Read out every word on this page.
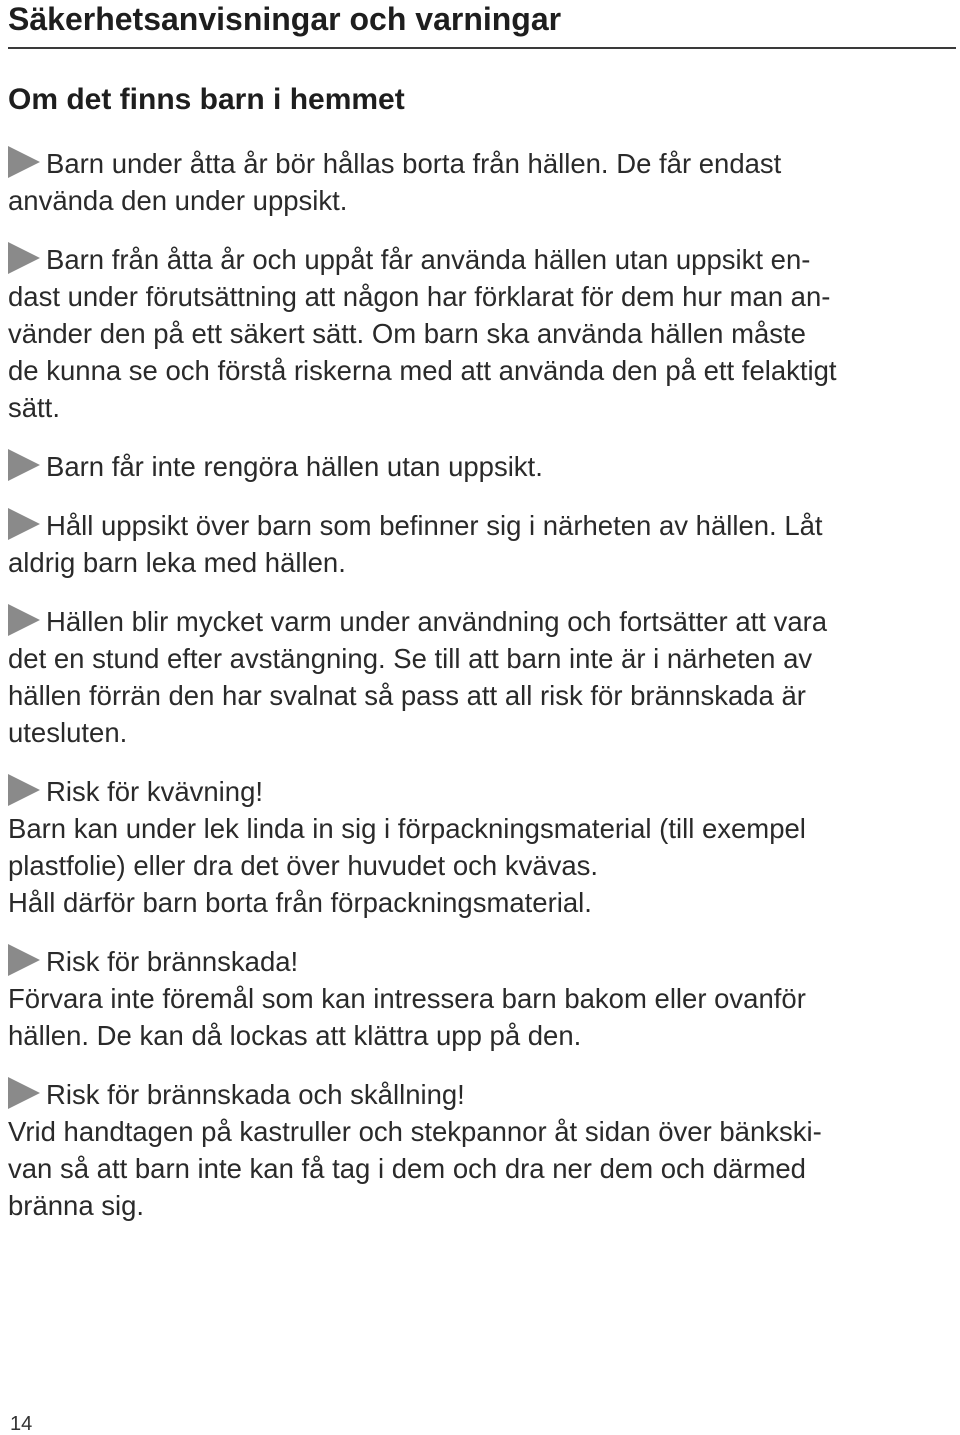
Säkerhetsanvisningar och varningar
Om det finns barn i hemmet
Barn under åtta år bör hållas borta från hällen. De får endast
använda den under uppsikt.
Barn från åtta år och uppåt får använda hällen utan uppsikt en-
dast under förutsättning att någon har förklarat för dem hur man an-
vänder den på ett säkert sätt. Om barn ska använda hällen måste
de kunna se och förstå riskerna med att använda den på ett felaktigt
sätt.
Barn får inte rengöra hällen utan uppsikt.
Håll uppsikt över barn som befinner sig i närheten av hällen. Låt
aldrig barn leka med hällen.
Hällen blir mycket varm under användning och fortsätter att vara
det en stund efter avstängning. Se till att barn inte är i närheten av
hällen förrän den har svalnat så pass att all risk för brännskada är
utesluten.
Risk för kvävning!
Barn kan under lek linda in sig i förpackningsmaterial (till exempel
plastfolie) eller dra det över huvudet och kvävas.
Håll därför barn borta från förpackningsmaterial.
Risk för brännskada!
Förvara inte föremål som kan intressera barn bakom eller ovanför
hällen. De kan då lockas att klättra upp på den.
Risk för brännskada och skållning!
Vrid handtagen på kastruller och stekpannor åt sidan över bänkski-
van så att barn inte kan få tag i dem och dra ner dem och därmed
bränna sig.
14
